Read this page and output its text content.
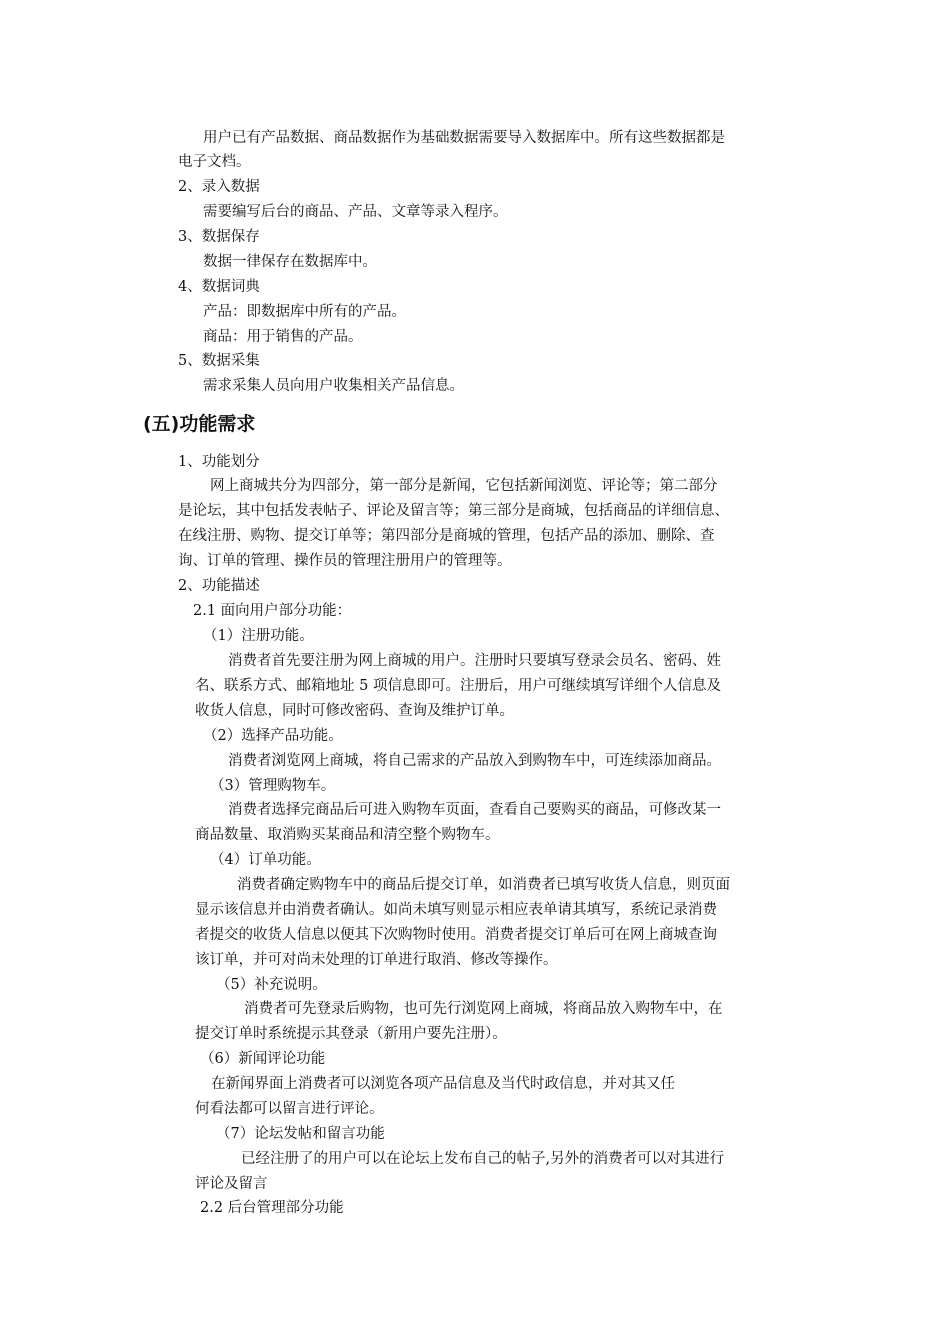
用户已有产品数据、商品数据作为基础数据需要导入数据库中。所有这些数据都是
电子文档。
2、录入数据
需要编写后台的商品、产品、文章等录入程序。
3、数据保存
数据一律保存在数据库中。
4、数据词典
产品：即数据库中所有的产品。
商品：用于销售的产品。
5、数据采集
需求采集人员向用户收集相关产品信息。
(五)功能需求
1、功能划分
网上商城共分为四部分，第一部分是新闻，它包括新闻浏览、评论等；第二部分
是论坛，其中包括发表帖子、评论及留言等；第三部分是商城，包括商品的详细信息、
在线注册、购物、提交订单等；第四部分是商城的管理，包括产品的添加、删除、查
询、订单的管理、操作员的管理注册用户的管理等。
2、功能描述
2.1 面向用户部分功能：
（1）注册功能。
消费者首先要注册为网上商城的用户。注册时只要填写登录会员名、密码、姓
名、联系方式、邮箱地址 5 项信息即可。注册后，用户可继续填写详细个人信息及
收货人信息，同时可修改密码、查询及维护订单。
（2）选择产品功能。
消费者浏览网上商城，将自己需求的产品放入到购物车中，可连续添加商品。
（3）管理购物车。
消费者选择完商品后可进入购物车页面，查看自己要购买的商品，可修改某一
商品数量、取消购买某商品和清空整个购物车。
（4）订单功能。
消费者确定购物车中的商品后提交订单，如消费者已填写收货人信息，则页面
显示该信息并由消费者确认。如尚未填写则显示相应表单请其填写，系统记录消费
者提交的收货人信息以便其下次购物时使用。消费者提交订单后可在网上商城查询
该订单，并可对尚未处理的订单进行取消、修改等操作。
（5）补充说明。
消费者可先登录后购物，也可先行浏览网上商城，将商品放入购物车中，在
提交订单时系统提示其登录（新用户要先注册）。
（6）新闻评论功能
在新闻界面上消费者可以浏览各项产品信息及当代时政信息，并对其又任
何看法都可以留言进行评论。
（7）论坛发帖和留言功能
已经注册了的用户可以在论坛上发布自己的帖子,另外的消费者可以对其进行
评论及留言
2.2 后台管理部分功能
